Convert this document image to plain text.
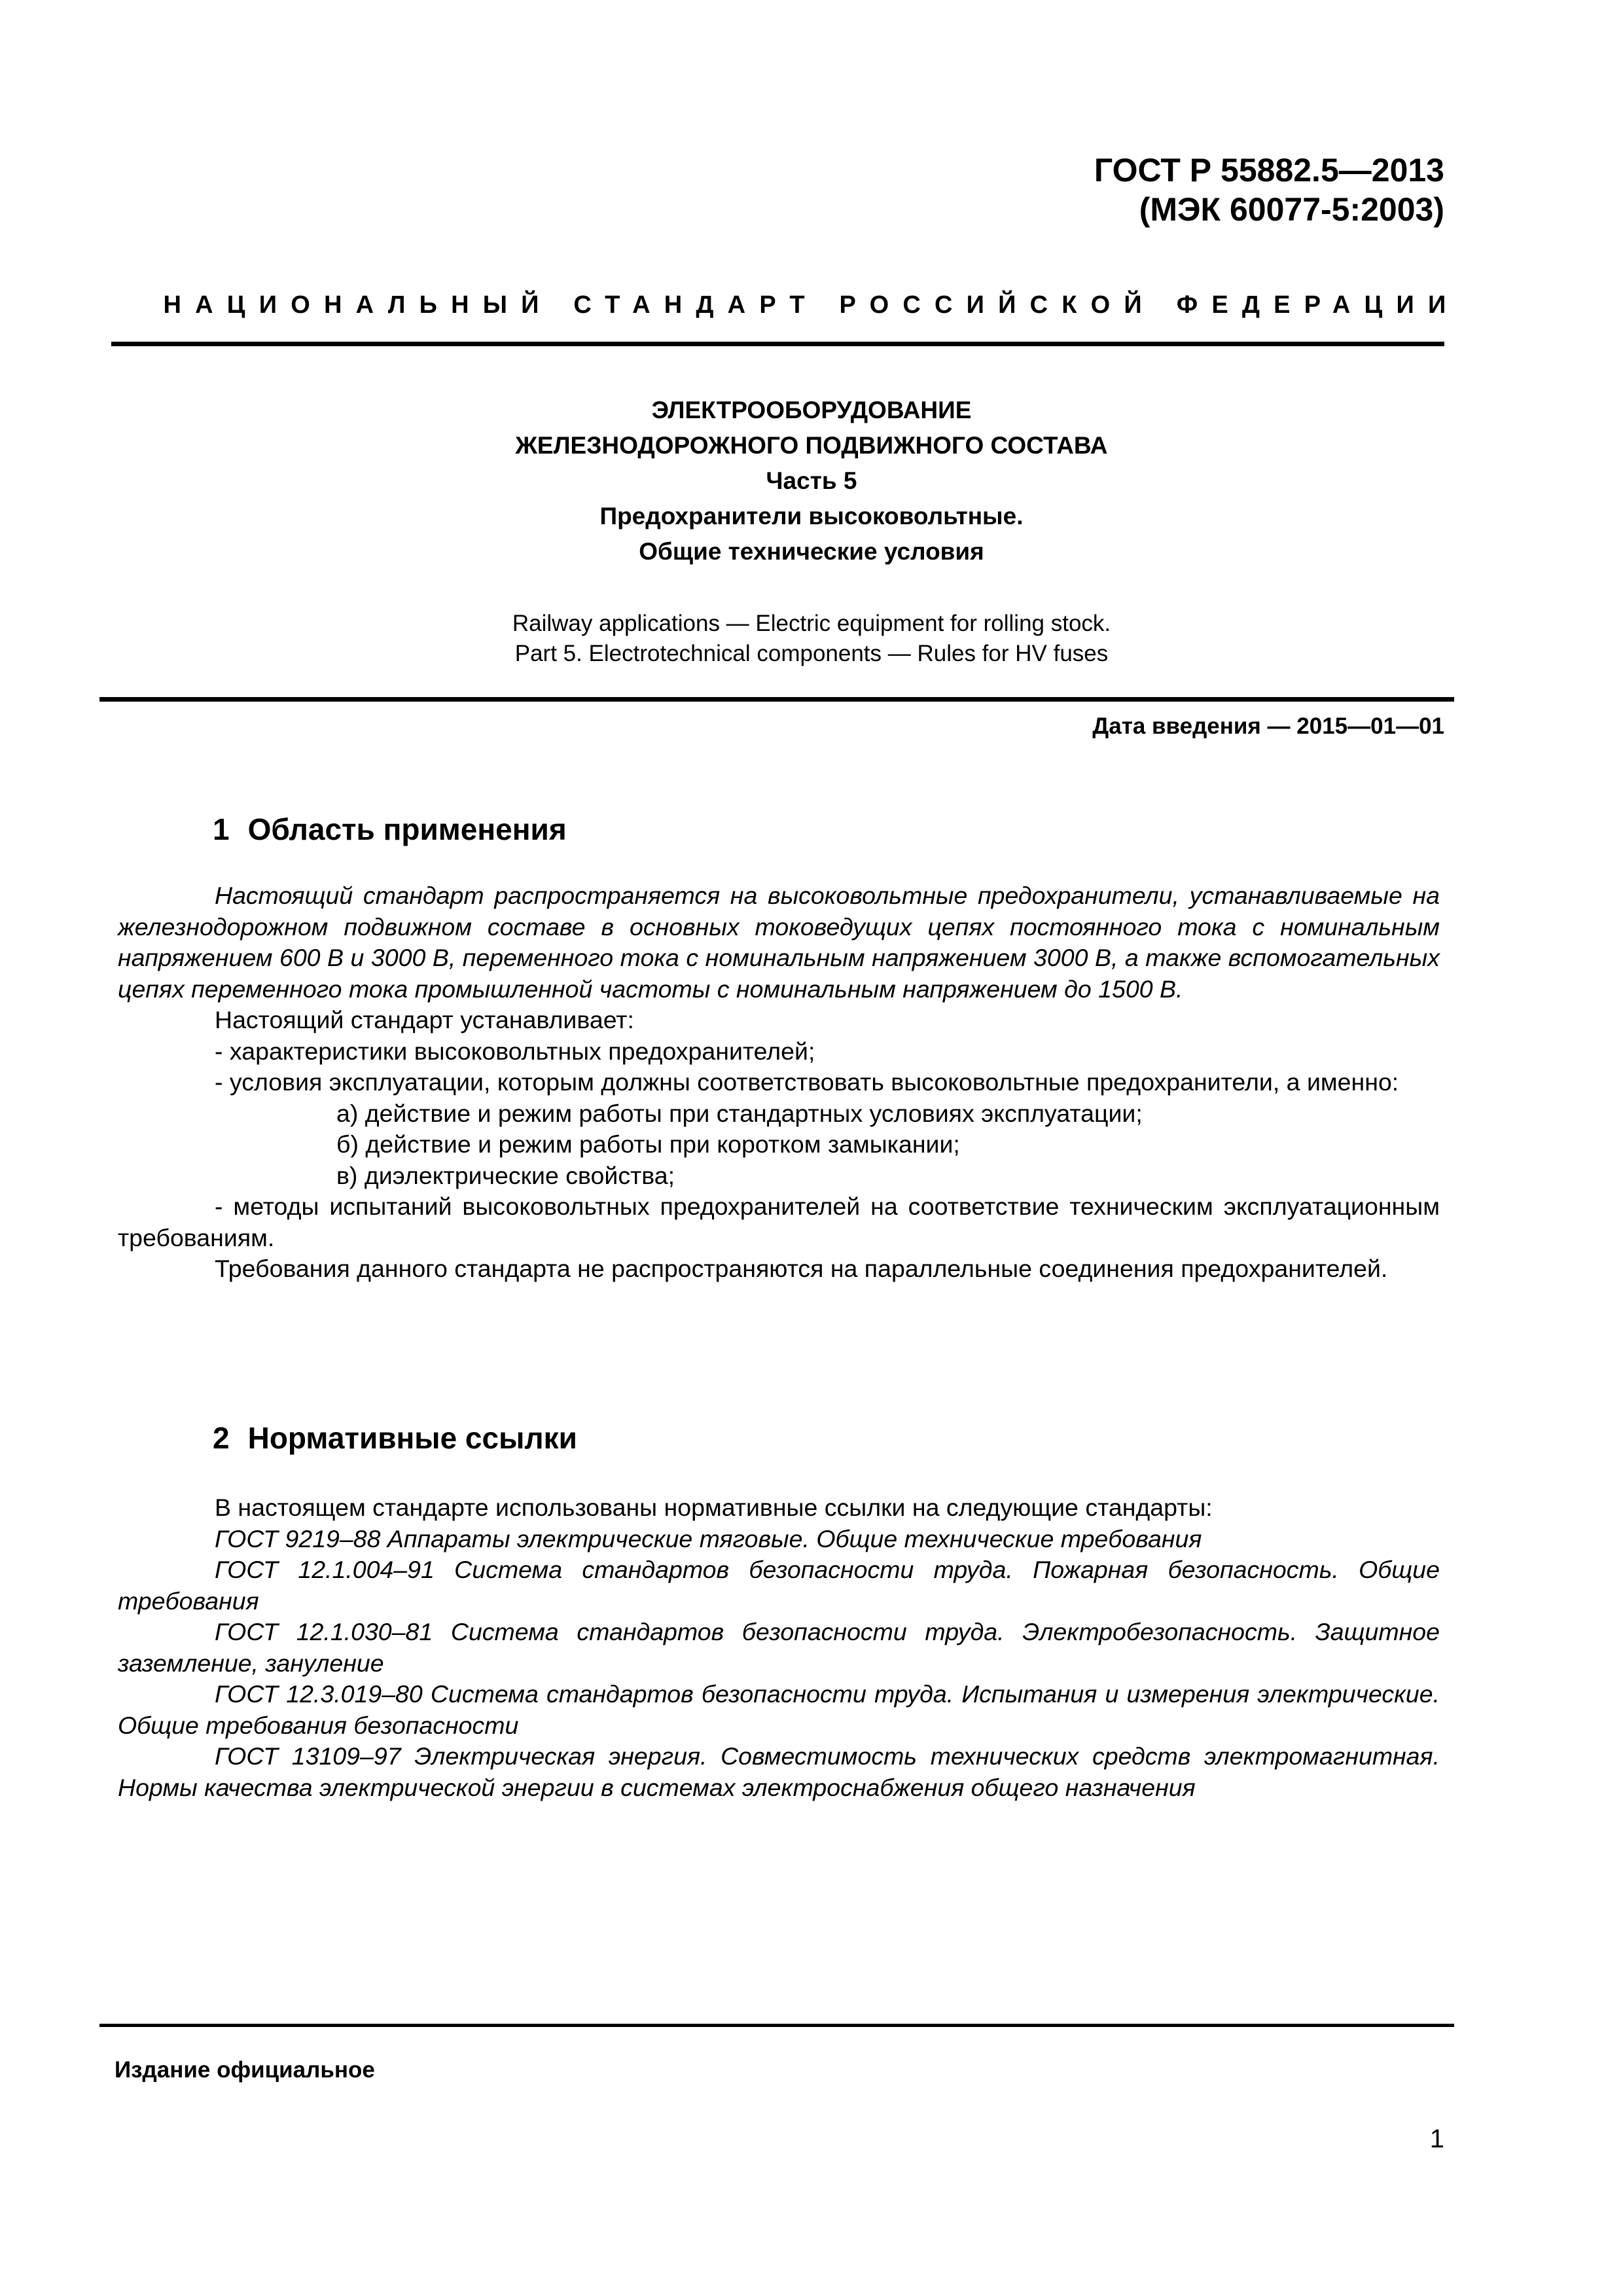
ГОСТ Р 55882.5—2013
(МЭК 60077-5:2003)
НАЦИОНАЛЬНЫЙ СТАНДАРТ РОССИЙСКОЙ ФЕДЕРАЦИИ
ЭЛЕКТРООБОРУДОВАНИЕ
ЖЕЛЕЗНОДОРОЖНОГО ПОДВИЖНОГО СОСТАВА
Часть 5
Предохранители высоковольтные.
Общие технические условия
Railway applications — Electric equipment for rolling stock.
Part 5. Electrotechnical components — Rules for HV fuses
Дата введения — 2015—01—01
1 Область применения

Настоящий стандарт распространяется на высоковольтные предохранители, устанавливаемые на железнодорожном подвижном составе в основных токоведущих цепях постоянного тока с номинальным напряжением 600 В и 3000 В, переменного тока с номинальным напряжением 3000 В, а также вспомогательных цепях переменного тока промышленной частоты с номинальным напряжением до 1500 В.

Настоящий стандарт устанавливает:

- характеристики высоковольтных предохранителей;

- условия эксплуатации, которым должны соответствовать высоковольтные предохранители, а именно:

а) действие и режим работы при стандартных условиях эксплуатации;

б) действие и режим работы при коротком замыкании;

в) диэлектрические свойства;

- методы испытаний высоковольтных предохранителей на соответствие техническим эксплуатационным требованиям.

Требования данного стандарта не распространяются на параллельные соединения предохранителей.

2 Нормативные ссылки

В настоящем стандарте использованы нормативные ссылки на следующие стандарты:

ГОСТ 9219–88 Аппараты электрические тяговые. Общие технические требования

ГОСТ 12.1.004–91 Система стандартов безопасности труда. Пожарная безопасность. Общие требования

ГОСТ 12.1.030–81 Система стандартов безопасности труда. Электробезопасность. Защитное заземление, зануление

ГОСТ 12.3.019–80 Система стандартов безопасности труда. Испытания и измерения электрические. Общие требования безопасности

ГОСТ 13109–97 Электрическая энергия. Совместимость технических средств электромагнитная. Нормы качества электрической энергии в системах электроснабжения общего назначения

Издание официальное
1
